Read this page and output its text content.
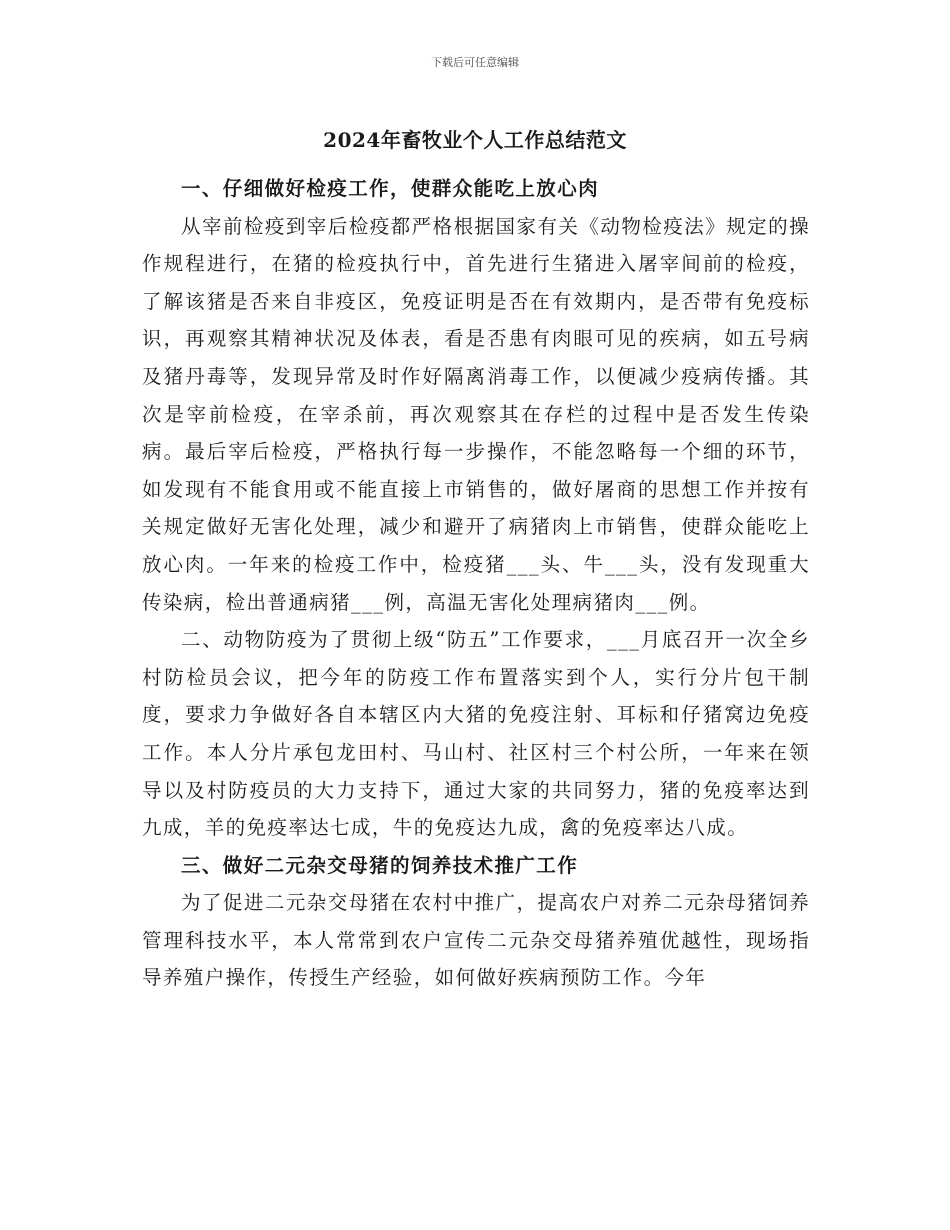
下载后可任意编辑
2024年畜牧业个人工作总结范文

一、仔细做好检疫工作，使群众能吃上放心肉

从宰前检疫到宰后检疫都严格根据国家有关《动物检疫法》规定的操作规程进行，在猪的检疫执行中，首先进行生猪进入屠宰间前的检疫，了解该猪是否来自非疫区，免疫证明是否在有效期内，是否带有免疫标识，再观察其精神状况及体表，看是否患有肉眼可见的疾病，如五号病及猪丹毒等，发现异常及时作好隔离消毒工作，以便减少疫病传播。其次是宰前检疫，在宰杀前，再次观察其在存栏的过程中是否发生传染病。最后宰后检疫，严格执行每一步操作，不能忽略每一个细的环节，如发现有不能食用或不能直接上市销售的，做好屠商的思想工作并按有关规定做好无害化处理，减少和避开了病猪肉上市销售，使群众能吃上放心肉。一年来的检疫工作中，检疫猪___头、牛___头，没有发现重大传染病，检出普通病猪___例，高温无害化处理病猪肉___例。

二、动物防疫为了贯彻上级“防五”工作要求，___月底召开一次全乡村防检员会议，把今年的防疫工作布置落实到个人，实行分片包干制度，要求力争做好各自本辖区内大猪的免疫注射、耳标和仔猪窝边免疫工作。本人分片承包龙田村、马山村、社区村三个村公所，一年来在领导以及村防疫员的大力支持下，通过大家的共同努力，猪的免疫率达到九成，羊的免疫率达七成，牛的免疫达九成，禽的免疫率达八成。

三、做好二元杂交母猪的饲养技术推广工作

为了促进二元杂交母猪在农村中推广，提高农户对养二元杂母猪饲养管理科技水平，本人常常到农户宣传二元杂交母猪养殖优越性，现场指导养殖户操作，传授生产经验，如何做好疾病预防工作。今年
